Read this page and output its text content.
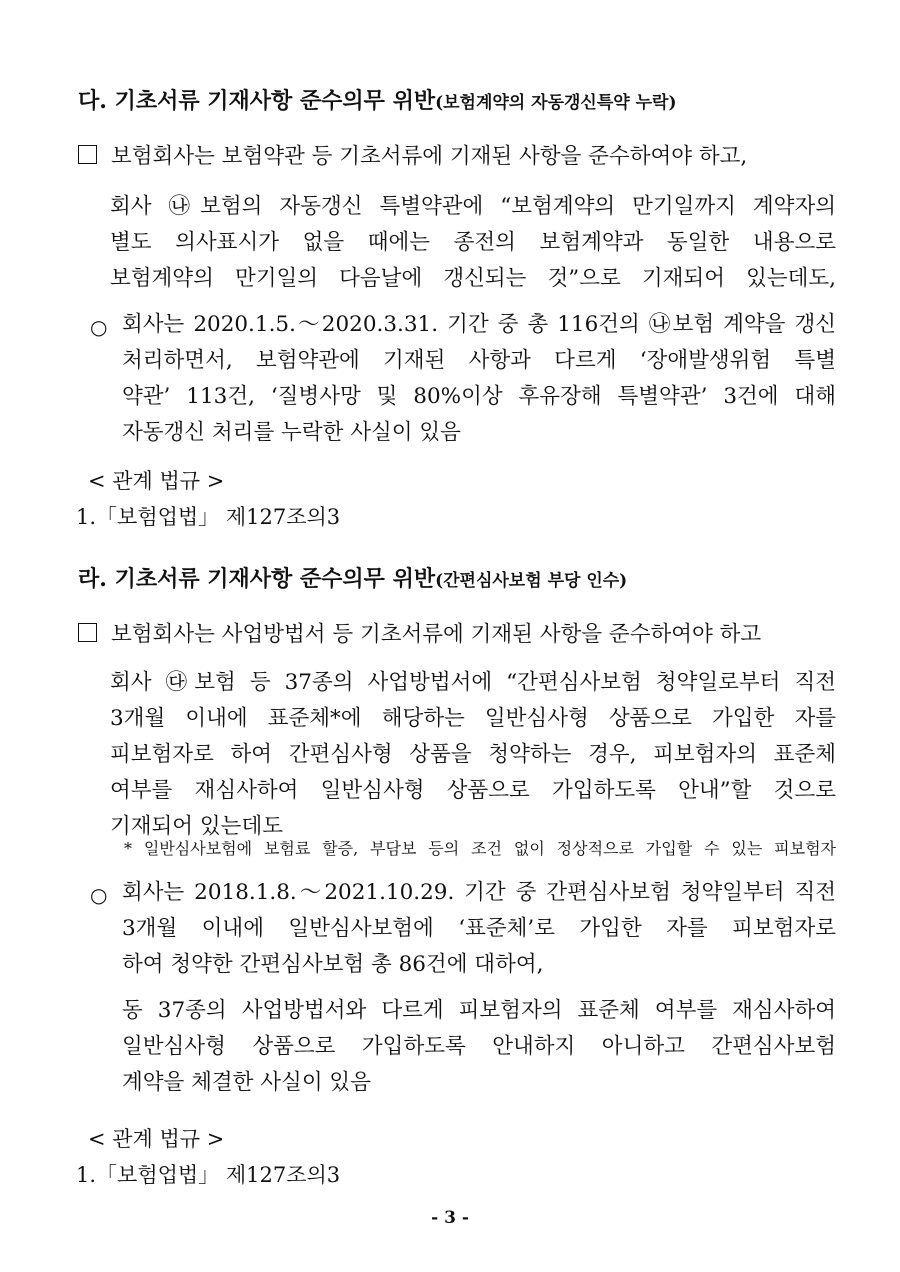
다. 기초서류 기재사항 준수의무 위반(보험계약의 자동갱신특약 누락)
보험회사는 보험약관 등 기초서류에 기재된 사항을 준수하여야 하고,
회사 ㉯보험의 자동갱신 특별약관에 “보험계약의 만기일까지 계약자의
별도 의사표시가 없을 때에는 종전의 보험계약과 동일한 내용으로
보험계약의 만기일의 다음날에 갱신되는 것”으로 기재되어 있는데도,
○ 회사는 2020.1.5.～2020.3.31. 기간 중 총 116건의 ㉯보험 계약을 갱신
처리하면서, 보험약관에 기재된 사항과 다르게 ‘장애발생위험 특별
약관’ 113건, ‘질병사망 및 80%이상 후유장해 특별약관’ 3건에 대해
자동갱신 처리를 누락한 사실이 있음
< 관계 법규 >
1.「보험업법」 제127조의3
라. 기초서류 기재사항 준수의무 위반(간편심사보험 부당 인수)
보험회사는 사업방법서 등 기초서류에 기재된 사항을 준수하여야 하고
회사 ㉰보험 등 37종의 사업방법서에 “간편심사보험 청약일로부터 직전
3개월 이내에 표준체*에 해당하는 일반심사형 상품으로 가입한 자를
피보험자로 하여 간편심사형 상품을 청약하는 경우, 피보험자의 표준체
여부를 재심사하여 일반심사형 상품으로 가입하도록 안내”할 것으로
기재되어 있는데도
* 일반심사보험에 보험료 할증, 부담보 등의 조건 없이 정상적으로 가입할 수 있는 피보험자
○ 회사는 2018.1.8.～2021.10.29. 기간 중 간편심사보험 청약일부터 직전
3개월 이내에 일반심사보험에 ‘표준체’로 가입한 자를 피보험자로
하여 청약한 간편심사보험 총 86건에 대하여,
동 37종의 사업방법서와 다르게 피보험자의 표준체 여부를 재심사하여
일반심사형 상품으로 가입하도록 안내하지 아니하고 간편심사보험
계약을 체결한 사실이 있음
< 관계 법규 >
1.「보험업법」 제127조의3
- 3 -
